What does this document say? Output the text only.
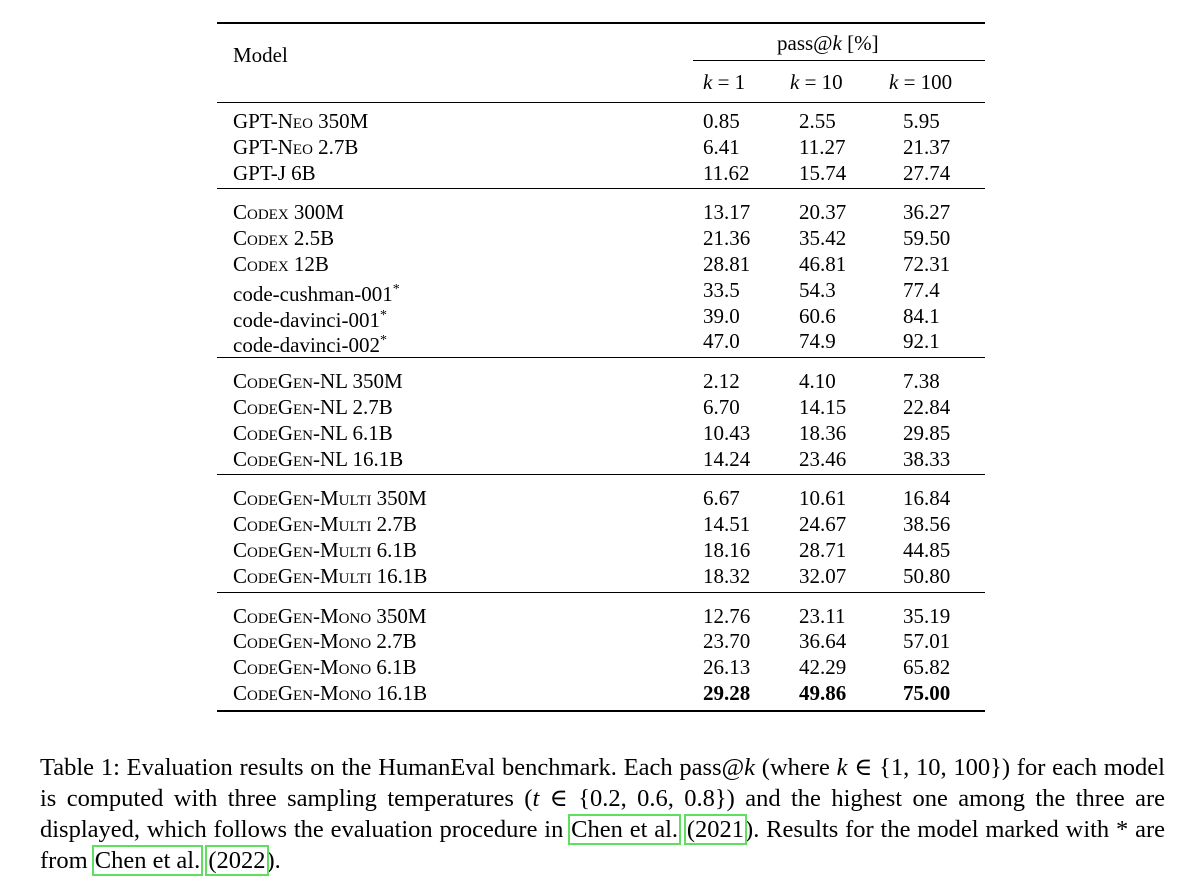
Model	pass@k [%]
k = 1 k = 10 k = 100
GPT-Neo 350M	0.85	2.55	5.95
GPT-Neo 2.7B	6.41	11.27	21.37
GPT-J 6B	11.62	15.74	27.74
Codex 300M	13.17	20.37	36.27
Codex 2.5B	21.36	35.42	59.50
Codex 12B	28.81	46.81	72.31
code-cushman-001*	33.5	54.3	77.4
code-davinci-001*	39.0	60.6	84.1
code-davinci-002*	47.0	74.9	92.1
CodeGen-NL 350M	2.12	4.10	7.38
CodeGen-NL 2.7B	6.70	14.15	22.84
CodeGen-NL 6.1B	10.43	18.36	29.85
CodeGen-NL 16.1B	14.24	23.46	38.33
CodeGen-Multi 350M	6.67	10.61	16.84
CodeGen-Multi 2.7B	14.51	24.67	38.56
CodeGen-Multi 6.1B	18.16	28.71	44.85
CodeGen-Multi 16.1B	18.32	32.07	50.80
CodeGen-Mono 350M	12.76	23.11	35.19
CodeGen-Mono 2.7B	23.70	36.64	57.01
CodeGen-Mono 6.1B	26.13	42.29	65.82
CodeGen-Mono 16.1B	29.28	49.86	75.00
Table 1: Evaluation results on the HumanEval benchmark. Each pass@k (where k ∈ {1, 10, 100}) for each model is computed with three sampling temperatures (t ∈ {0.2, 0.6, 0.8}) and the highest one among the three are displayed, which follows the evaluation procedure in Chen et al. (2021). Results for the model marked with * are from Chen et al. (2022).
